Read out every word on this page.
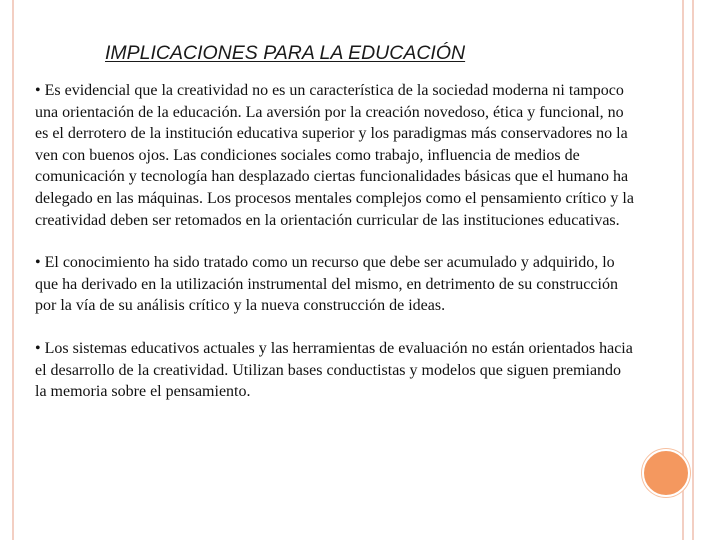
IMPLICACIONES PARA LA EDUCACIÓN

• Es evidencial que la creatividad no es un característica de la sociedad moderna ni tampoco una orientación de la educación. La aversión por la creación novedoso, ética y funcional, no es el derrotero de la institución educativa superior y los paradigmas más conservadores no la ven con buenos ojos. Las condiciones sociales como trabajo, influencia de medios de comunicación y tecnología han desplazado ciertas funcionalidades básicas que el humano ha delegado en las máquinas. Los procesos mentales complejos como el pensamiento crítico y la creatividad deben ser retomados en la orientación curricular de las instituciones educativas.

• El conocimiento ha sido tratado como un recurso que debe ser acumulado y adquirido, lo que ha derivado en la utilización instrumental del mismo, en detrimento de su construcción por la vía de su análisis crítico y la nueva construcción de ideas.

• Los sistemas educativos actuales y las herramientas de evaluación no están orientados hacia el desarrollo de la creatividad. Utilizan bases conductistas y modelos que siguen premiando la memoria sobre el pensamiento.
